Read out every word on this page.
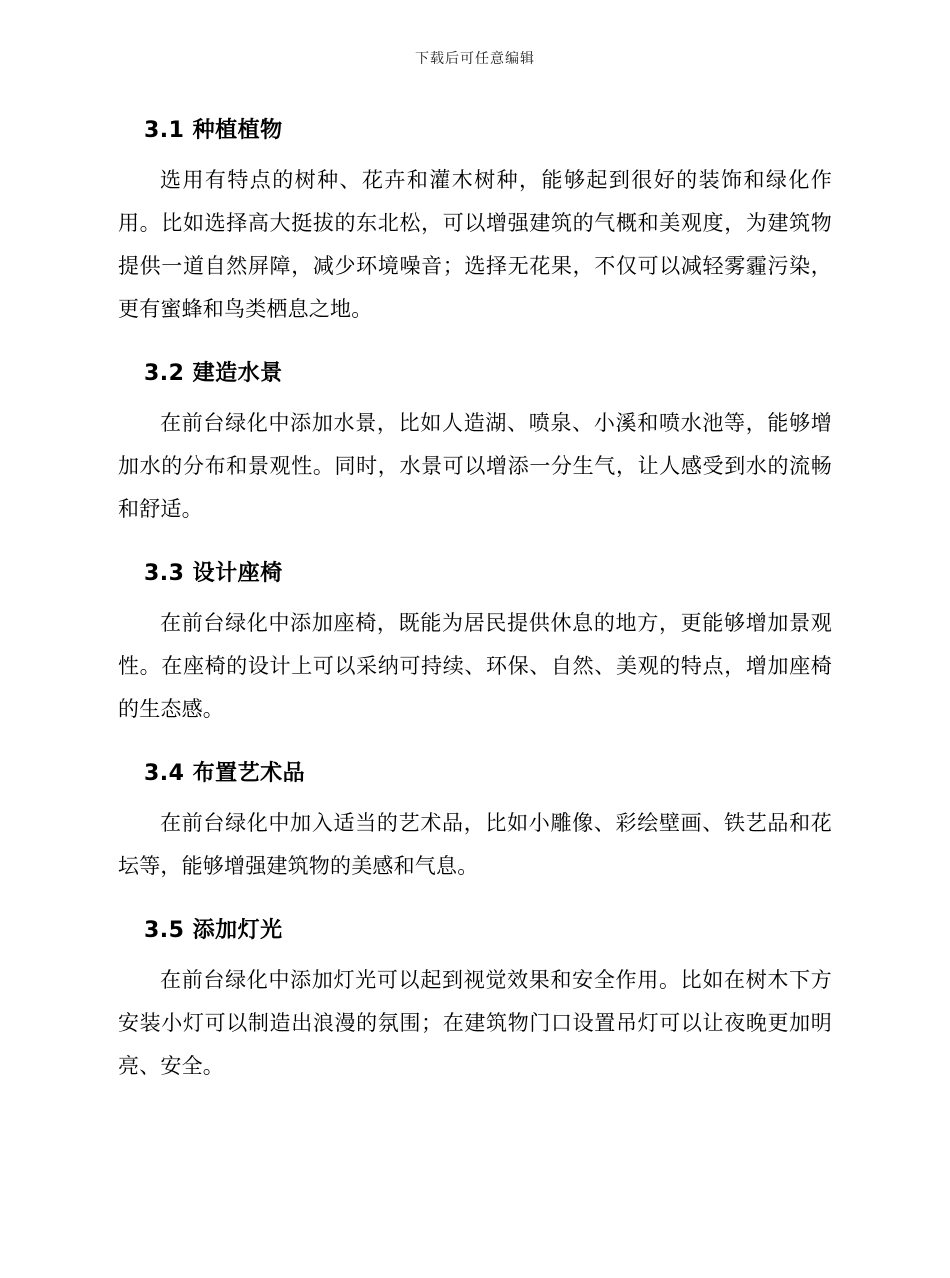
下载后可任意编辑
3.1 种植植物

选用有特点的树种、花卉和灌木树种，能够起到很好的装饰和绿化作用。比如选择高大挺拔的东北松，可以增强建筑的气概和美观度，为建筑物提供一道自然屏障，减少环境噪音；选择无花果，不仅可以减轻雾霾污染，更有蜜蜂和鸟类栖息之地。

3.2 建造水景

在前台绿化中添加水景，比如人造湖、喷泉、小溪和喷水池等，能够增加水的分布和景观性。同时，水景可以增添一分生气，让人感受到水的流畅和舒适。

3.3 设计座椅

在前台绿化中添加座椅，既能为居民提供休息的地方，更能够增加景观性。在座椅的设计上可以采纳可持续、环保、自然、美观的特点，增加座椅的生态感。

3.4 布置艺术品

在前台绿化中加入适当的艺术品，比如小雕像、彩绘壁画、铁艺品和花坛等，能够增强建筑物的美感和气息。

3.5 添加灯光

在前台绿化中添加灯光可以起到视觉效果和安全作用。比如在树木下方安装小灯可以制造出浪漫的氛围；在建筑物门口设置吊灯可以让夜晚更加明亮、安全。
